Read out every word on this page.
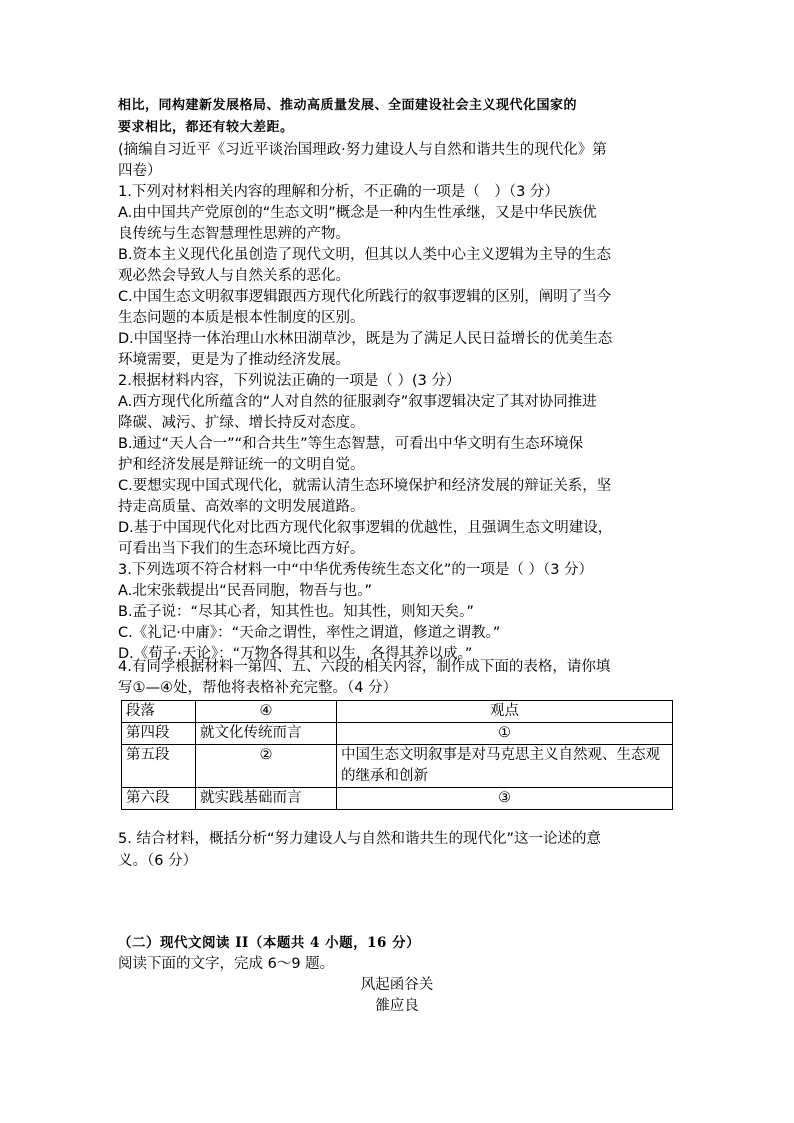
相比，同构建新发展格局、推动高质量发展、全面建设社会主义现代化国家的
要求相比，都还有较大差距。
(摘编自习近平《习近平谈治国理政·努力建设人与自然和谐共生的现代化》第
四卷）
1.下列对材料相关内容的理解和分析，不正确的一项是（　）（3 分）
A.由中国共产党原创的“生态文明”概念是一种内生性承继，又是中华民族优
良传统与生态智慧理性思辨的产物。
B.资本主义现代化虽创造了现代文明，但其以人类中心主义逻辑为主导的生态
观必然会导致人与自然关系的恶化。
C.中国生态文明叙事逻辑跟西方现代化所践行的叙事逻辑的区别，阐明了当今
生态问题的本质是根本性制度的区别。
D.中国坚持一体治理山水林田湖草沙，既是为了满足人民日益增长的优美生态
环境需要，更是为了推动经济发展。
2.根据材料内容，下列说法正确的一项是（ ）(3 分）
A.西方现代化所蕴含的“人对自然的征服剥夺”叙事逻辑决定了其对协同推进
降碳、减污、扩绿、增长持反对态度。
B.通过“天人合一”“和合共生”等生态智慧，可看出中华文明有生态环境保
护和经济发展是辩证统一的文明自觉。
C.要想实现中国式现代化，就需认清生态环境保护和经济发展的辩证关系，坚
持走高质量、高效率的文明发展道路。
D.基于中国现代化对比西方现代化叙事逻辑的优越性，且强调生态文明建设，
可看出当下我们的生态环境比西方好。
3.下列选项不符合材料一中“中华优秀传统生态文化”的一项是（ ）（3 分）
A.北宋张载提出“民吾同胞，物吾与也。”
B.孟子说：“尽其心者，知其性也。知其性，则知天矣。”
C.《礼记·中庸》：“天命之谓性，率性之谓道，修道之谓教。”
D.《荀子·天论》：“万物各得其和以生，各得其养以成。”
4.有同学根据材料一第四、五、六段的相关内容，制作成下面的表格，请你填
写①—④处，帮他将表格补充完整。（4 分）
段落	④	观点
第四段	就文化传统而言	①
第五段	②	中国生态文明叙事是对马克思主义自然观、生态观的继承和创新
第六段	就实践基础而言	③
5. 结合材料，概括分析“努力建设人与自然和谐共生的现代化”这一论述的意
义。（6 分）
（二）现代文阅读 II（本题共 4 小题，16 分）
阅读下面的文字，完成 6～9 题。
风起函谷关
雒应良
